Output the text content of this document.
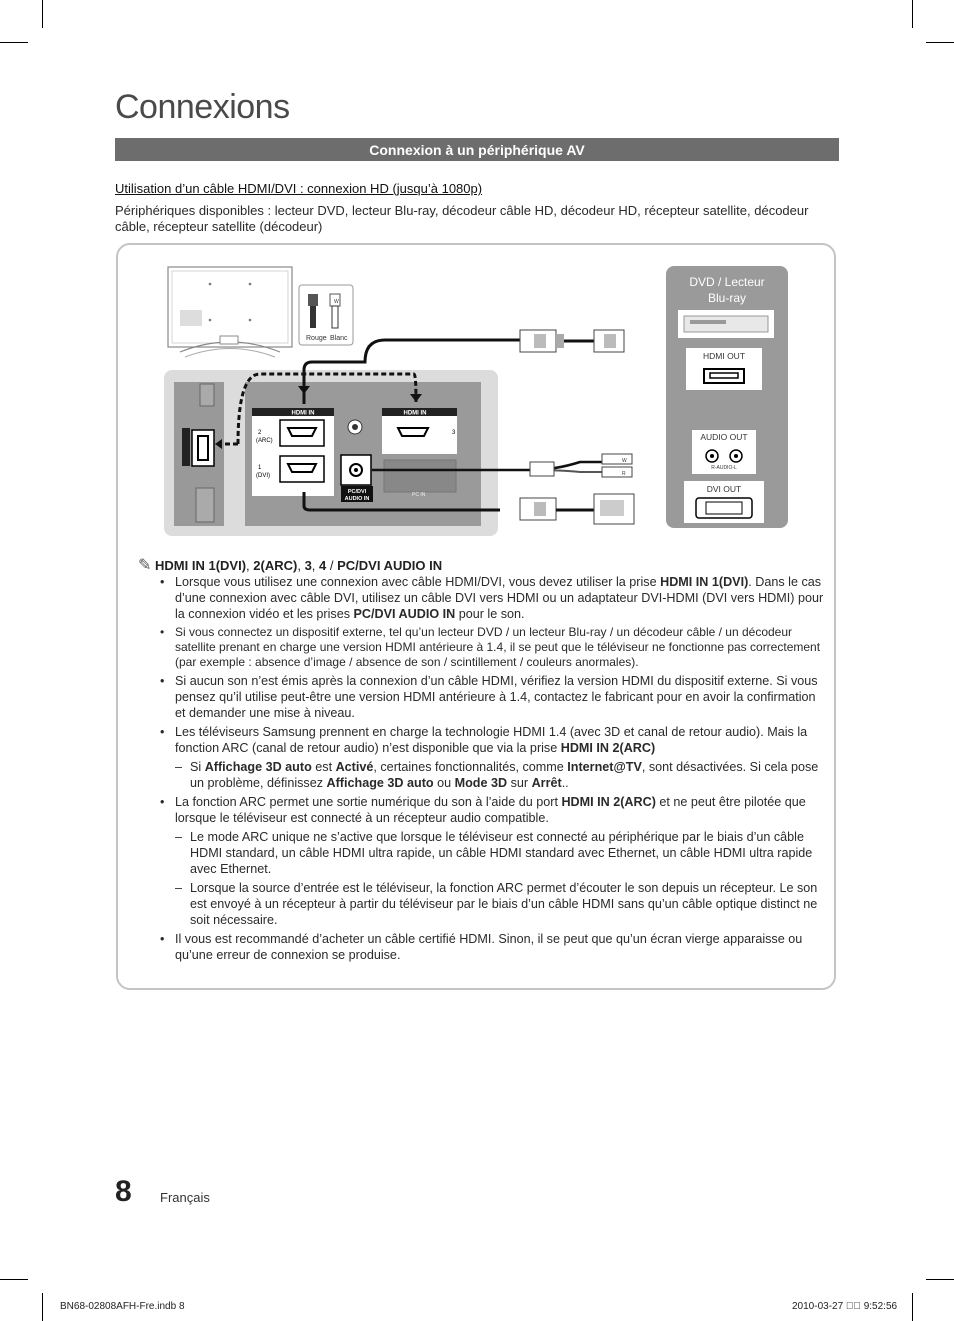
Connexions
Connexion à un périphérique AV
Utilisation d’un câble HDMI/DVI : connexion HD (jusqu’à 1080p)
Périphériques disponibles : lecteur DVD, lecteur Blu-ray, décodeur câble HD, décodeur HD, récepteur satellite, décodeur câble, récepteur satellite (décodeur)
W
Rouge Blanc
HDMI IN	HDMI IN
2
(ARC)
1
(DVI)
3
PC/DVI
AUDIO IN
PC IN
W
R
DVD / Lecteur
Blu-ray
HDMI OUT
AUDIO OUT
R-AUDIO-L
DVI OUT
✎ HDMI IN 1(DVI), 2(ARC), 3, 4 / PC/DVI AUDIO IN
• Lorsque vous utilisez une connexion avec câble HDMI/DVI, vous devez utiliser la prise HDMI IN 1(DVI). Dans le cas d’une connexion avec câble DVI, utilisez un câble DVI vers HDMI ou un adaptateur DVI-HDMI (DVI vers HDMI) pour la connexion vidéo et les prises PC/DVI AUDIO IN pour le son.
• Si vous connectez un dispositif externe, tel qu’un lecteur DVD / un lecteur Blu-ray / un décodeur câble / un décodeur satellite prenant en charge une version HDMI antérieure à 1.4, il se peut que le téléviseur ne fonctionne pas correctement (par exemple : absence d’image / absence de son / scintillement / couleurs anormales).
• Si aucun son n’est émis après la connexion d’un câble HDMI, vérifiez la version HDMI du dispositif externe. Si vous pensez qu’il utilise peut-être une version HDMI antérieure à 1.4, contactez le fabricant pour en avoir la confirmation et demander une mise à niveau.
• Les téléviseurs Samsung prennent en charge la technologie HDMI 1.4 (avec 3D et canal de retour audio). Mais la fonction ARC (canal de retour audio) n’est disponible que via la prise HDMI IN 2(ARC)
– Si Affichage 3D auto est Activé, certaines fonctionnalités, comme Internet@TV, sont désactivées. Si cela pose un problème, définissez Affichage 3D auto ou Mode 3D sur Arrêt..
• La fonction ARC permet une sortie numérique du son à l’aide du port HDMI IN 2(ARC) et ne peut être pilotée que lorsque le téléviseur est connecté à un récepteur audio compatible.
– Le mode ARC unique ne s’active que lorsque le téléviseur est connecté au périphérique par le biais d’un câble HDMI standard, un câble HDMI ultra rapide, un câble HDMI standard avec Ethernet, un câble HDMI ultra rapide avec Ethernet.
– Lorsque la source d’entrée est le téléviseur, la fonction ARC permet d’écouter le son depuis un récepteur. Le son est envoyé à un récepteur à partir du téléviseur par le biais d’un câble HDMI sans qu’un câble optique distinct ne soit nécessaire.
• Il vous est recommandé d’acheter un câble certifié HDMI. Sinon, il se peut que qu’un écran vierge apparaisse ou qu’une erreur de connexion se produise.
8 Français
BN68-02808AFH-Fre.indb 8	2010-03-27 ￿￿ 9:52:56
